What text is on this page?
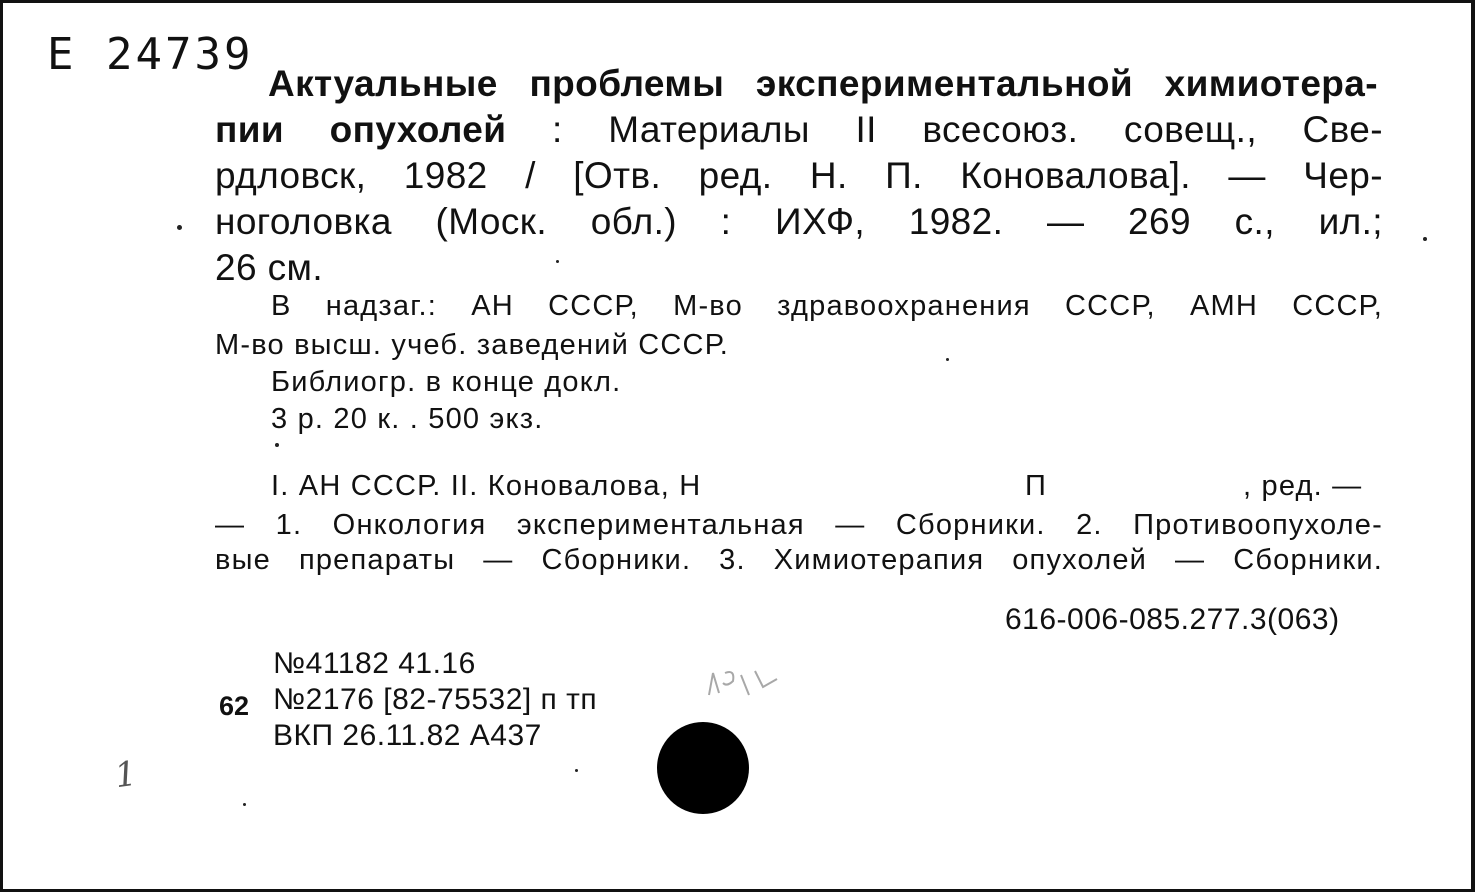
Е 24739
Актуальные проблемы экспериментальной химиотера-
пии опухолей : Материалы II всесоюз. совещ., Све-
рдловск, 1982 / [Отв. ред. Н. П. Коновалова]. — Чер-
ноголовка (Моск. обл.) : ИХФ, 1982. — 269 с., ил.;
26 см.
В надзаг.: АН СССР, М-во здравоохранения СССР, АМН СССР,
М-во высш. учеб. заведений СССР.
Библиогр. в конце докл.
3 р. 20 к. . 500 экз.
I. АН СССР. II. Коновалова, Н	П	, ред. —
— 1. Онкология экспериментальная — Сборники. 2. Противоопухоле-
вые препараты — Сборники. 3. Химиотерапия опухолей — Сборники.
616-006-085.277.3(063)
№41182 41.16
62 №2176 [82-75532] п тп
ВКП 26.11.82 А437
1
